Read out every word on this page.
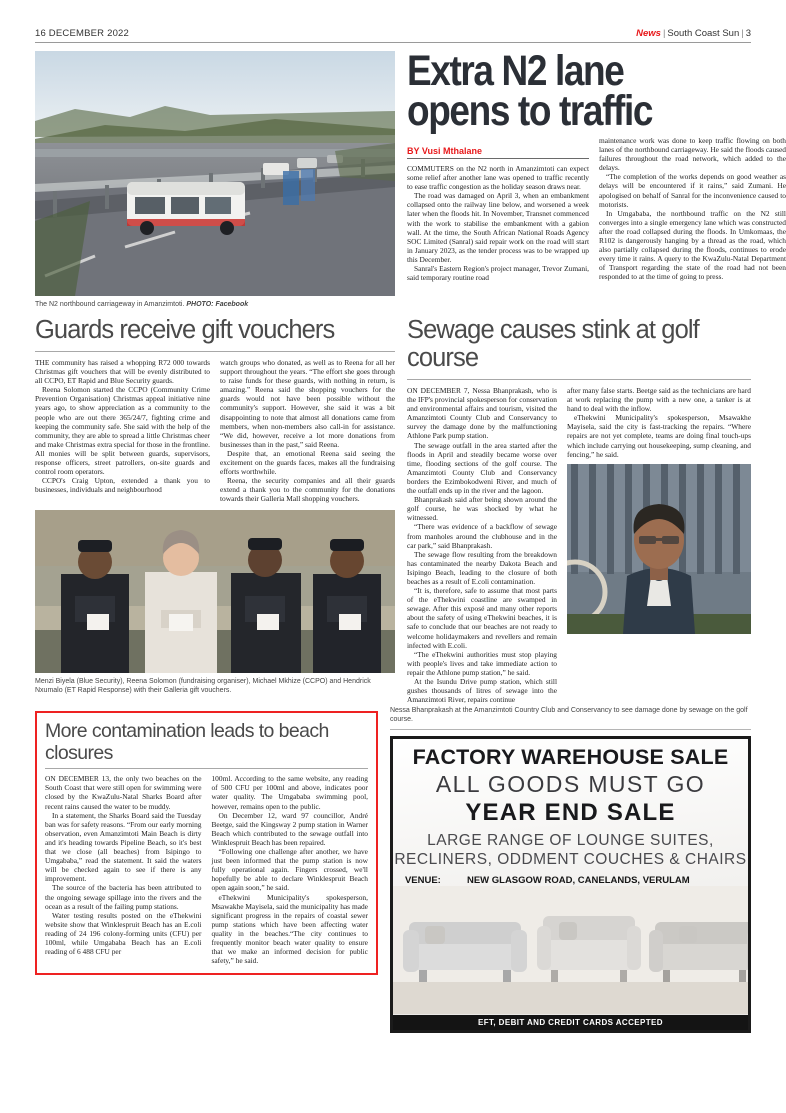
16 DECEMBER 2022	News | South Coast Sun | 3
The N2 northbound carriageway in Amanzimtoti. PHOTO: Facebook
Extra N2 lane
opens to traffic
BY Vusi Mthalane

COMMUTERS on the N2 north in Amanzimtoti can expect some relief after another lane was opened to traffic recently to ease traffic congestion as the holiday season draws near.

The road was damaged on April 3, when an embankment collapsed onto the railway line below, and worsened a week later when the floods hit. In November, Transnet commenced with the work to stabilise the embankment with a gabion wall. At the time, the South African National Roads Agency SOC Limited (Sanral) said repair work on the road will start in January 2023, as the tender process was to be wrapped up this December.

Sanral's Eastern Region's project manager, Trevor Zumani, said temporary routine road

maintenance work was done to keep traffic flowing on both lanes of the northbound carriageway. He said the floods caused failures throughout the road network, which added to the delays.

“The completion of the works depends on good weather as delays will be encountered if it rains,” said Zumani. He apologised on behalf of Sanral for the inconvenience caused to motorists.

In Umgababa, the northbound traffic on the N2 still converges into a single emergency lane which was constructed after the road collapsed during the floods. In Umkomaas, the R102 is dangerously hanging by a thread as the road, which also partially collapsed during the floods, continues to erode every time it rains. A query to the KwaZulu-Natal Department of Transport regarding the state of the road had not been responded to at the time of going to press.

Guards receive gift vouchers

THE community has raised a whopping R72 000 towards Christmas gift vouchers that will be evenly distributed to all CCPO, ET Rapid and Blue Security guards.

Reena Solomon started the CCPO (Community Crime Prevention Organisation) Christmas appeal initiative nine years ago, to show appreciation as a community to the people who are out there 365/24/7, fighting crime and keeping the community safe. She said with the help of the community, they are able to spread a little Christmas cheer and make Christmas extra special for those in the frontline. All monies will be split between guards, supervisors, response officers, street patrollers, on-site guards and control room operators.

CCPO's Craig Upton, extended a thank you to businesses, individuals and neighbourhood

watch groups who donated, as well as to Reena for all her support throughout the years. “The effort she goes through to raise funds for these guards, with nothing in return, is amazing.” Reena said the shopping vouchers for the guards would not have been possible without the community's support. However, she said it was a bit disappointing to note that almost all donations came from members, when non-members also call-in for assistance. “We did, however, receive a lot more donations from businesses than in the past,” said Reena.

Despite that, an emotional Reena said seeing the excitement on the guards faces, makes all the fundraising efforts worthwhile.

Reena, the security companies and all their guards extend a thank you to the community for the donations towards their Galleria Mall shopping vouchers.

Menzi Biyela (Blue Security), Reena Solomon (fundraising organiser), Michael Mkhize (CCPO) and Hendrick Nxumalo (ET Rapid Response) with their Galleria gift vouchers.
Sewage causes stink at golf course

ON DECEMBER 7, Nessa Bhanprakash, who is the IFP's provincial spokesperson for conservation and environmental affairs and tourism, visited the Amanzimtoti County Club and Conservancy to survey the damage done by the malfunctioning Athlone Park pump station.

The sewage outfall in the area started after the floods in April and steadily became worse over time, flooding sections of the golf course. The Amanzimtoti County Club and Conservancy borders the Ezimbokodweni River, and much of the outfall ends up in the river and the lagoon.

Bhanprakash said after being shown around the golf course, he was shocked by what he witnessed.

“There was evidence of a backflow of sewage from manholes around the clubhouse and in the car park,” said Bhanprakash.

The sewage flow resulting from the breakdown has contaminated the nearby Dakota Beach and Isipingo Beach, leading to the closure of both beaches as a result of E.coli contamination.

“It is, therefore, safe to assume that most parts of the eThekwini coastline are swamped in sewage. After this exposé and many other reports about the safety of using eThekwini beaches, it is safe to conclude that our beaches are not ready to welcome holidaymakers and revellers and remain infected with E.coli.

“The eThekwini authorities must stop playing with people's lives and take immediate action to repair the Athlone pump station,” he said.

At the Isundu Drive pump station, which still gushes thousands of litres of sewage into the Amanzimtoti River, repairs continue

after many false starts. Beetge said as the technicians are hard at work replacing the pump with a new one, a tanker is at hand to deal with the inflow.

eThekwini Municipality's spokesperson, Msawakhe Mayisela, said the city is fast-tracking the repairs. “Where repairs are not yet complete, teams are doing final touch-ups which include carrying out housekeeping, sump cleaning, and fencing,” he said.

More contamination leads to beach closures

ON DECEMBER 13, the only two beaches on the South Coast that were still open for swimming were closed by the KwaZulu-Natal Sharks Board after recent rains caused the water to be muddy.

In a statement, the Sharks Board said the Tuesday ban was for safety reasons. “From our early morning observation, even Amanzimtoti Main Beach is dirty and it's heading towards Pipeline Beach, so it's best that we close (all beaches) from Isipingo to Umgababa,” read the statement. It said the waters will be checked again to see if there is any improvement.

The source of the bacteria has been attributed to the ongoing sewage spillage into the rivers and the ocean as a result of the failing pump stations.

Water testing results posted on the eThekwini website show that Winklespruit Beach has an E.coli reading of 24 196 colony-forming units (CFU) per 100ml, while Umgababa Beach has an E.coli reading of 6 488 CFU per

100ml. According to the same website, any reading of 500 CFU per 100ml and above, indicates poor water quality. The Umgababa swimming pool, however, remains open to the public.

On December 12, ward 97 councillor, André Beetge, said the Kingsway 2 pump station in Warner Beach which contributed to the sewage outfall into Winklespruit Beach has been repaired.

“Following one challenge after another, we have just been informed that the pump station is now fully operational again. Fingers crossed, we'll hopefully be able to declare Winklespruit Beach open again soon,” he said.

eThekwini Municipality's spokesperson, Msawakhe Mayisela, said the municipality has made significant progress in the repairs of coastal sewer pump stations which have been affecting water quality in the beaches.“The city continues to frequently monitor beach water quality to ensure that we make an informed decision for public safety,” he said.

Nessa Bhanprakash at the Amanzimtoti Country Club and Conservancy to see damage done by sewage on the golf course.
FACTORY WAREHOUSE SALE
ALL GOODS MUST GO
YEAR END SALE
LARGE RANGE OF LOUNGE SUITES, RECLINERS, ODDMENT COUCHES & CHAIRS
VENUE:	NEW GLASGOW ROAD, CANELANDS, VERULAM
EFT, DEBIT AND CREDIT CARDS ACCEPTED
